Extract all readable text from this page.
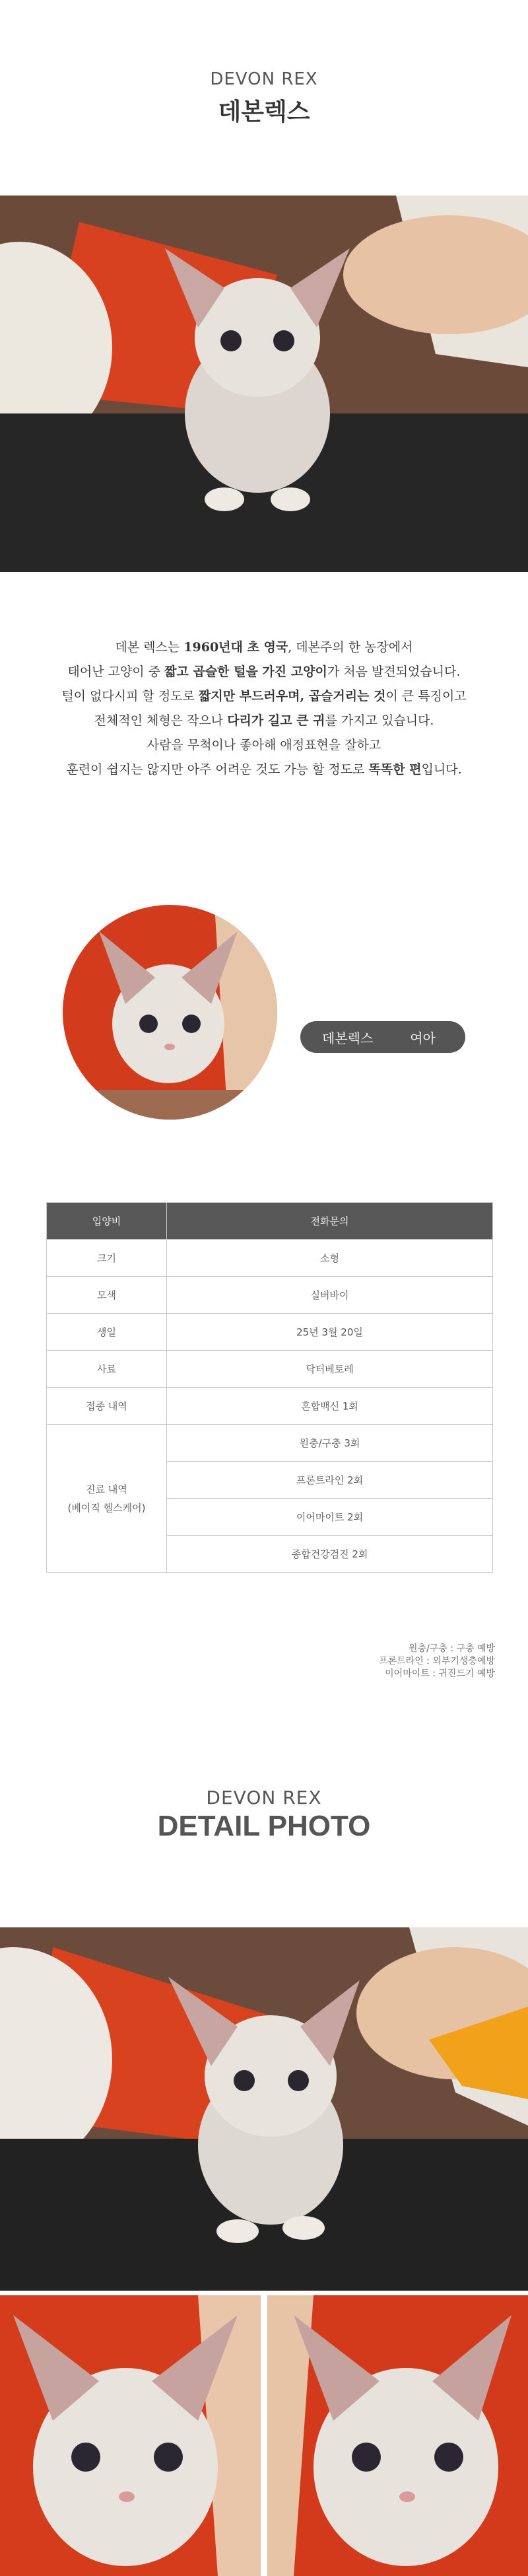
DEVON REX
데본렉스
데본 렉스는 1960년대 초 영국, 데본주의 한 농장에서
태어난 고양이 중 짧고 곱슬한 털을 가진 고양이가 처음 발견되었습니다.
털이 없다시피 할 정도로 짧지만 부드러우며, 곱슬거리는 것이 큰 특징이고
전체적인 체형은 작으나 다리가 길고 큰 귀를 가지고 있습니다.
사람을 무척이나 좋아해 애정표현을 잘하고
훈련이 쉽지는 않지만 아주 어려운 것도 가능 할 정도로 똑똑한 편입니다.
데본렉스	여아
입양비	전화문의
크기	소형
모색	실버바이
생일	25년 3월 20일
사료	닥터베토레
접종 내역	혼합백신 1회

진료 내역
(베이직 헬스케어)	원충/구충 3회
	프론트라인 2회
	이어마이트 2회
	종합건강검진 2회
원충/구충 : 구충 예방
프론트라인 : 외부기생충예방
이어마이트 : 귀진드기 예방
DEVON REX
DETAIL PHOTO
